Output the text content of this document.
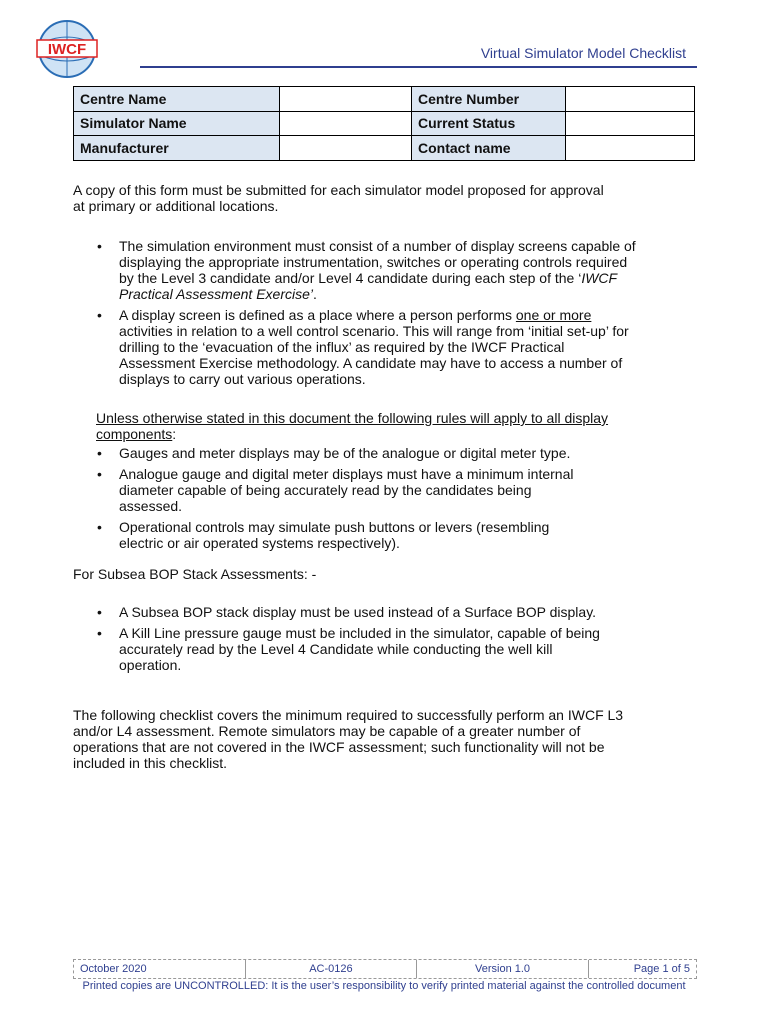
IWCF	Virtual Simulator Model Checklist
Centre Name		Centre Number	
Simulator Name		Current Status	
Manufacturer		Contact name	
A copy of this form must be submitted for each simulator model proposed for approval at primary or additional locations.
• The simulation environment must consist of a number of display screens capable of displaying the appropriate instrumentation, switches or operating controls required by the Level 3 candidate and/or Level 4 candidate during each step of the ‘IWCF Practical Assessment Exercise’.
• A display screen is defined as a place where a person performs one or more activities in relation to a well control scenario. This will range from ‘initial set-up’ for drilling to the ‘evacuation of the influx’ as required by the IWCF Practical Assessment Exercise methodology. A candidate may have to access a number of displays to carry out various operations.
Unless otherwise stated in this document the following rules will apply to all display components:
• Gauges and meter displays may be of the analogue or digital meter type.
• Analogue gauge and digital meter displays must have a minimum internal diameter capable of being accurately read by the candidates being assessed.
• Operational controls may simulate push buttons or levers (resembling electric or air operated systems respectively).
For Subsea BOP Stack Assessments: -
• A Subsea BOP stack display must be used instead of a Surface BOP display.
• A Kill Line pressure gauge must be included in the simulator, capable of being accurately read by the Level 4 Candidate while conducting the well kill operation.
The following checklist covers the minimum required to successfully perform an IWCF L3 and/or L4 assessment. Remote simulators may be capable of a greater number of operations that are not covered in the IWCF assessment; such functionality will not be included in this checklist.
October 2020	AC-0126	Version 1.0	Page 1 of 5
Printed copies are UNCONTROLLED: It is the user’s responsibility to verify printed material against the controlled document
